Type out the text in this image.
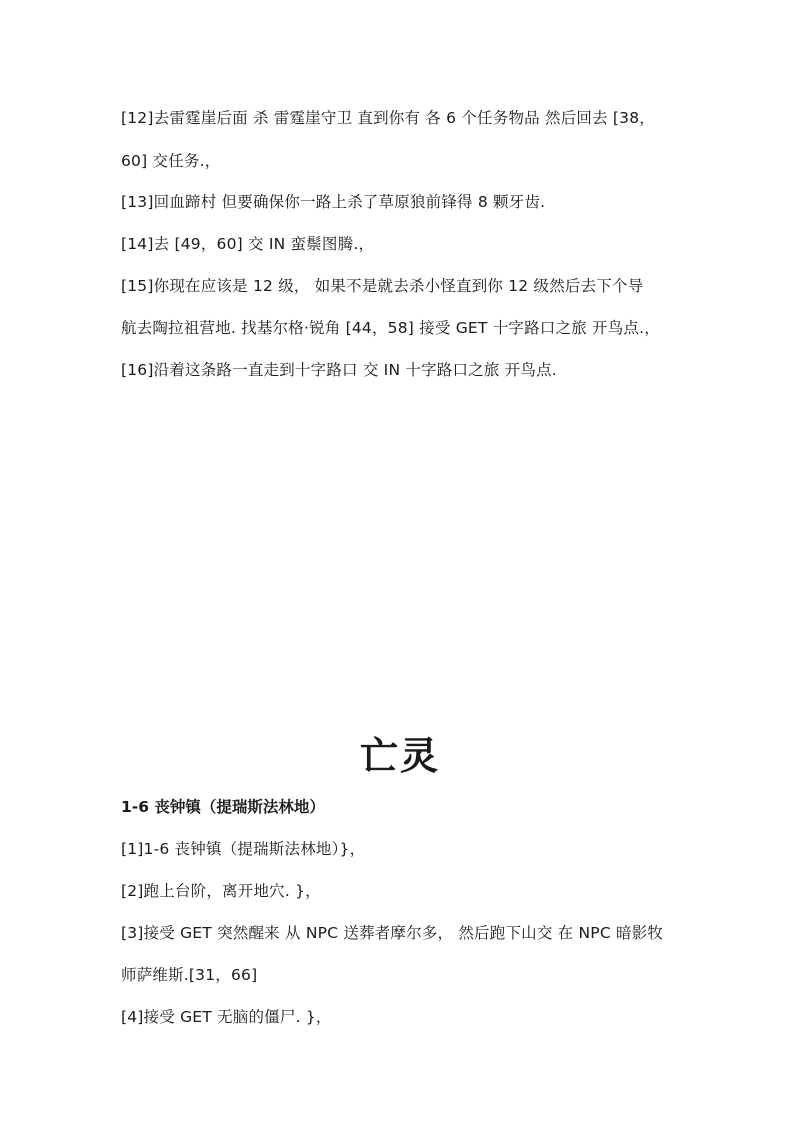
[12]去雷霆崖后面 杀 雷霆崖守卫 直到你有 各 6 个任务物品 然后回去 [38，
60] 交任务.，
[13]回血蹄村 但要确保你一路上杀了草原狼前锋得 8 颗牙齿.
[14]去 [49，60] 交 IN 蛮鬃图腾.，
[15]你现在应该是 12 级， 如果不是就去杀小怪直到你 12 级然后去下个导
航去陶拉祖营地. 找基尔格·锐角 [44，58] 接受 GET 十字路口之旅 开鸟点.，
[16]沿着这条路一直走到十字路口 交 IN 十字路口之旅 开鸟点.
亡灵
1-6 丧钟镇（提瑞斯法林地）
[1]1-6 丧钟镇（提瑞斯法林地）}，
[2]跑上台阶，离开地穴. }，
[3]接受 GET 突然醒来 从 NPC 送葬者摩尔多， 然后跑下山交 在 NPC 暗影牧
师萨维斯.[31，66]
[4]接受 GET 无脑的僵尸. }，
